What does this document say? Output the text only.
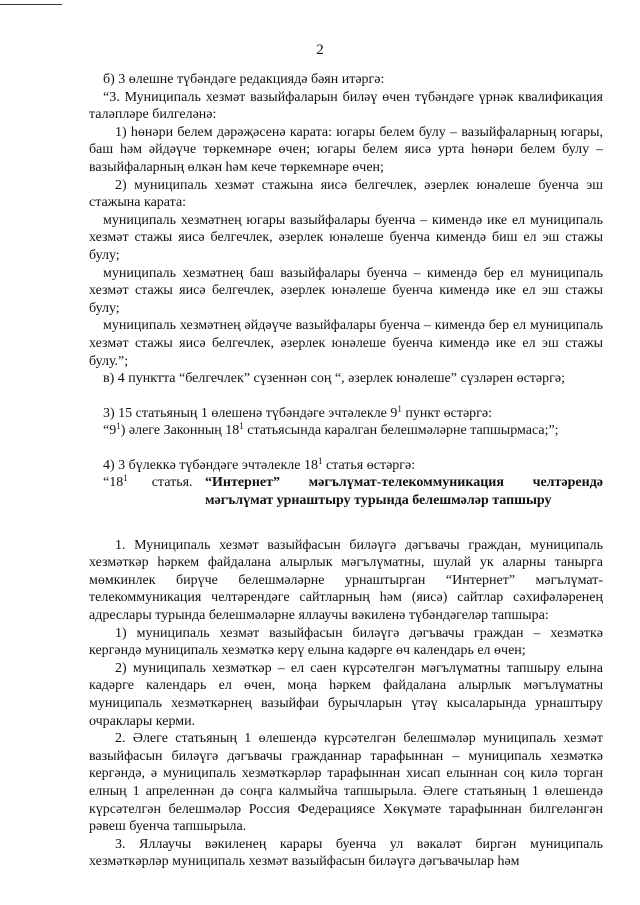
2

б) 3 өлешне түбәндәге редакциядә бәян итәргә:

“3. Муниципаль хезмәт вазыйфаларын биләү өчен түбәндәге үрнәк квалификация таләпләре билгеләнә:

1) һөнәри белем дәрәҗәсенә карата: югары белем булу – вазыйфаларның югары, баш һәм әйдәүче төркемнәре өчен; югары белем яисә урта һөнәри белем булу – вазыйфаларның өлкән һәм кече төркемнәре өчен;

2) муниципаль хезмәт стажына яисә белгечлек, әзерлек юнәлеше буенча эш стажына карата:

муниципаль хезмәтнең югары вазыйфалары буенча – кимендә ике ел муниципаль хезмәт стажы яисә белгечлек, әзерлек юнәлеше буенча кимендә биш ел эш стажы булу;

муниципаль хезмәтнең баш вазыйфалары буенча – кимендә бер ел муниципаль хезмәт стажы яисә белгечлек, әзерлек юнәлеше буенча кимендә ике ел эш стажы булу;

муниципаль хезмәтнең әйдәүче вазыйфалары буенча – кимендә бер ел муниципаль хезмәт стажы яисә белгечлек, әзерлек юнәлеше буенча кимендә ике ел эш стажы булу.”;

в) 4 пунктта “белгечлек” сүзеннән соң “, әзерлек юнәлеше” сүзләрен өстәргә;

3) 15 статьяның 1 өлешенә түбәндәге эчтәлекле $9^1$ пункт өстәргә:

“$9^1$) әлеге Законның $18^1$ статьясында каралган белешмәләрне тапшырмаса;”;

4) 3 бүлеккә түбәндәге эчтәлекле $18^1$ статья өстәргә:

“$18^1$ статья. “Интернет” мәгълүмат-телекоммуникация челтәрендә мәгълүмат урнаштыру турында белешмәләр тапшыру

1. Муниципаль хезмәт вазыйфасын биләүгә дәгъвачы граждан, муниципаль хезмәткәр һәркем файдалана алырлык мәгълүматны, шулай ук аларны танырга мөмкинлек бирүче белешмәләрне урнаштырган “Интернет” мәгълүмат-телекоммуникация челтәрендәге сайтларның һәм (яисә) сайтлар сәхифәләренең адреслары турында белешмәләрне яллаучы вәкиленә түбәндәгеләр тапшыра:

1) муниципаль хезмәт вазыйфасын биләүгә дәгъвачы граждан – хезмәткә кергәндә муниципаль хезмәткә керү елына кадәрге өч календарь ел өчен;

2) муниципаль хезмәткәр – ел саен күрсәтелгән мәгълүматны тапшыру елына кадәрге календарь ел өчен, моңа һәркем файдалана алырлык мәгълүматны муниципаль хезмәткәрнең вазыйфаи бурычларын үтәү кысаларында урнаштыру очраклары керми.

2. Әлеге статьяның 1 өлешендә күрсәтелгән белешмәләр муниципаль хезмәт вазыйфасын биләүгә дәгъвачы гражданнар тарафыннан – муниципаль хезмәткә кергәндә, ә муниципаль хезмәткәрләр тарафыннан хисап елыннан соң килә торган елның 1 апреленнән дә соңга калмыйча тапшырыла. Әлеге статьяның 1 өлешендә күрсәтелгән белешмәләр Россия Федерациясе Хөкүмәте тарафыннан билгеләнгән рәвеш буенча тапшырыла.

3. Яллаучы вәкиленең карары буенча ул вәкаләт биргән муниципаль хезмәткәрләр муниципаль хезмәт вазыйфасын биләүгә дәгъвачылар һәм
